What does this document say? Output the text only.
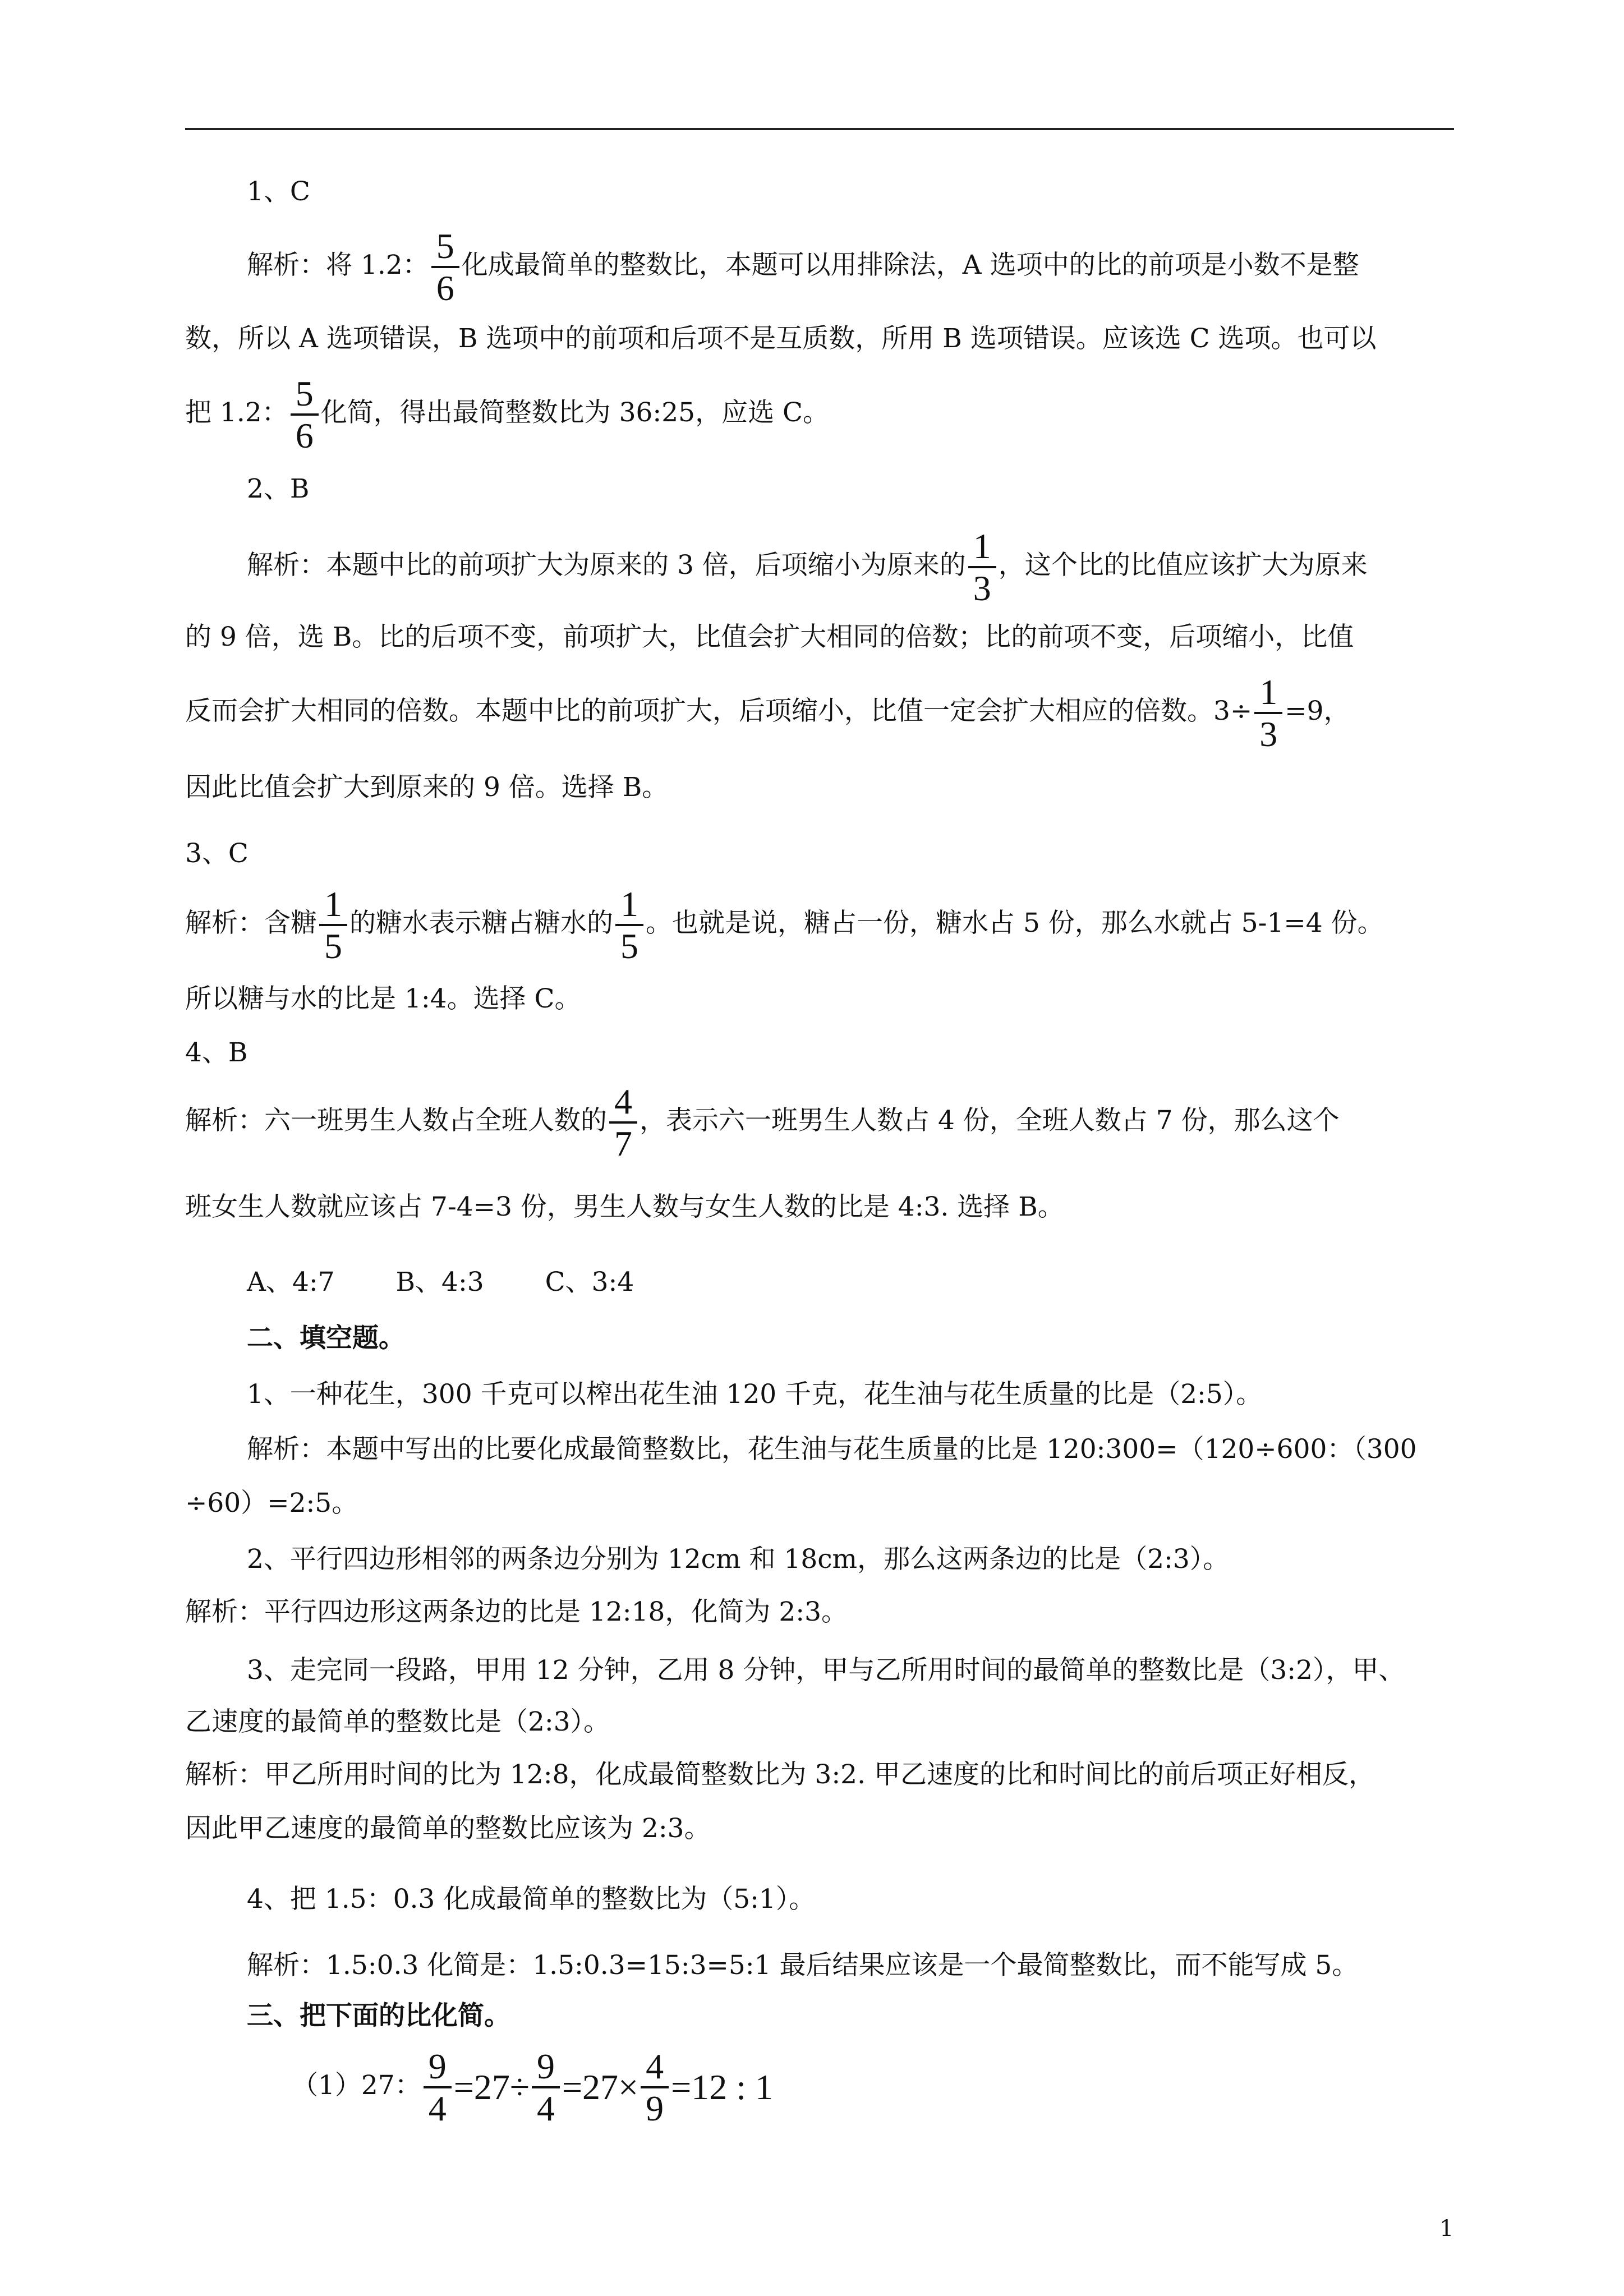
1、C
解析：将 1.2： $\frac{5}{6}$ 化成最简单的整数比，本题可以用排除法，A 选项中的比的前项是小数不是整
数，所以 A 选项错误，B 选项中的前项和后项不是互质数，所用 B 选项错误。应该选 C 选项。也可以
把 1.2： $\frac{5}{6}$ 化简，得出最简整数比为 36:25，应选 C。
2、B
解析：本题中比的前项扩大为原来的 3 倍，后项缩小为原来的 $\frac{1}{3}$ ，这个比的比值应该扩大为原来
的 9 倍，选 B。比的后项不变，前项扩大，比值会扩大相同的倍数；比的前项不变，后项缩小，比值
反而会扩大相同的倍数。本题中比的前项扩大，后项缩小，比值一定会扩大相应的倍数。$3\div \frac{1}{3} =9$，
因此比值会扩大到原来的 9 倍。选择 B。
3、C
解析：含糖 $\frac{1}{5}$ 的糖水表示糖占糖水的 $\frac{1}{5}$ 。也就是说，糖占一份，糖水占 5 份，那么水就占 5-1=4 份。
所以糖与水的比是 1:4。选择 C。
4、B
解析：六一班男生人数占全班人数的 $\frac{4}{7}$ ，表示六一班男生人数占 4 份，全班人数占 7 份，那么这个
班女生人数就应该占 7-4=3 份，男生人数与女生人数的比是 4:3. 选择 B。
A、4:7　　 B、4:3　　 C、3:4
二、填空题。
1、一种花生，300 千克可以榨出花生油 120 千克，花生油与花生质量的比是（2:5）。
解析：本题中写出的比要化成最简整数比，花生油与花生质量的比是 120:300=（120÷600：（300
÷60）=2:5。
2、平行四边形相邻的两条边分别为 12cm 和 18cm，那么这两条边的比是（2:3）。
解析：平行四边形这两条边的比是 12:18，化简为 2:3。
3、走完同一段路，甲用 12 分钟，乙用 8 分钟，甲与乙所用时间的最简单的整数比是（3:2），甲、
乙速度的最简单的整数比是（2:3）。
解析：甲乙所用时间的比为 12:8，化成最简整数比为 3:2. 甲乙速度的比和时间比的前后项正好相反，
因此甲乙速度的最简单的整数比应该为 2:3。
4、把 1.5：0.3 化成最简单的整数比为（5:1）。
解析：1.5:0.3 化简是：1.5:0.3=15:3=5:1 最后结果应该是一个最简整数比，而不能写成 5。
三、把下面的比化简。
（1）27： $\frac{9}{4} =27\div \frac{9}{4} =27\times \frac{4}{9} =12$ : 1
1
